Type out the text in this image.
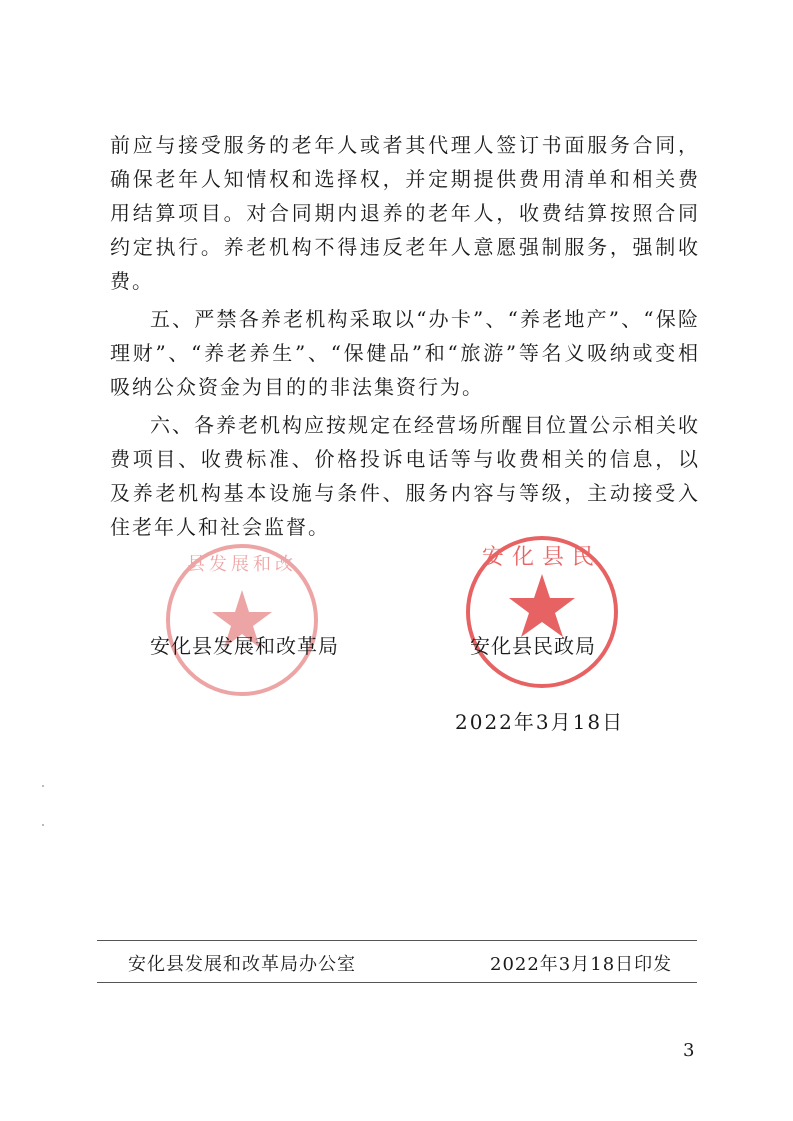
前应与接受服务的老年人或者其代理人签订书面服务合同，确保老年人知情权和选择权，并定期提供费用清单和相关费用结算项目。对合同期内退养的老年人，收费结算按照合同约定执行。养老机构不得违反老年人意愿强制服务，强制收费。

五、严禁各养老机构采取以“办卡”、“养老地产”、“保险理财”、“养老养生”、“保健品”和“旅游”等名义吸纳或变相吸纳公众资金为目的的非法集资行为。

六、各养老机构应按规定在经营场所醒目位置公示相关收费项目、收费标准、价格投诉电话等与收费相关的信息，以及养老机构基本设施与条件、服务内容与等级，主动接受入住老年人和社会监督。

县发展和改	安化县民
安化县发展和改革局	安化县民政局
2022年3月18日
安化县发展和改革局办公室	2022年3月18日印发
3
